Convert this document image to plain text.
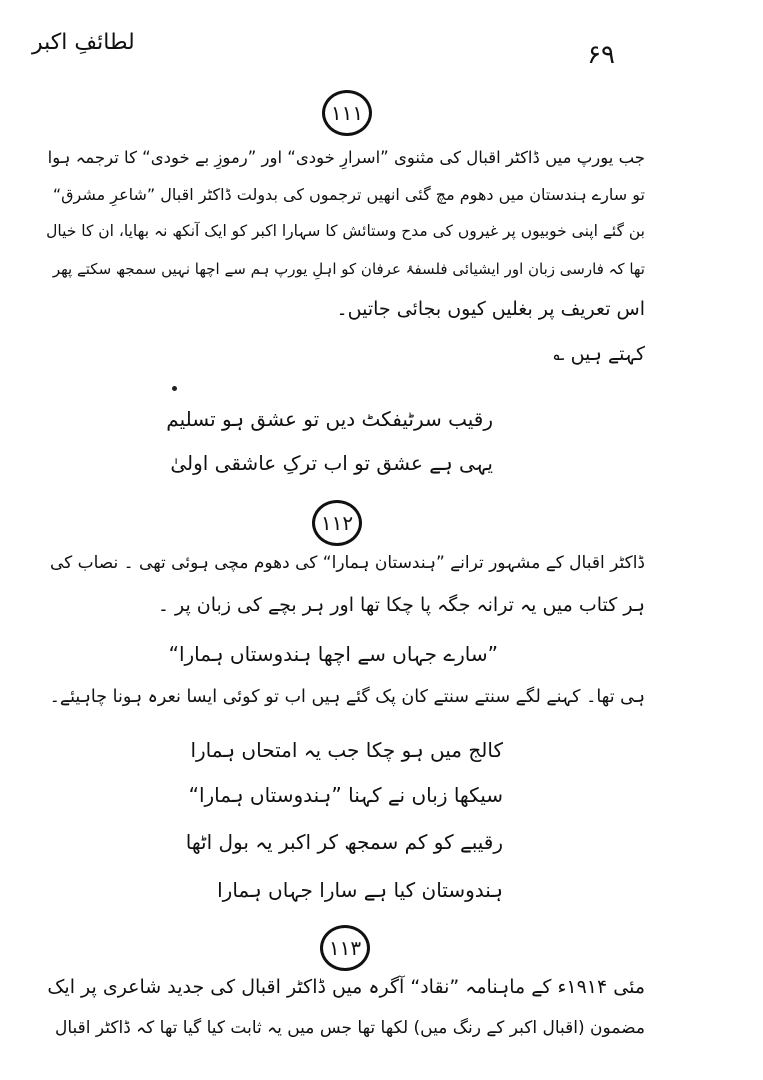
لطائفِ اکبر	۶۹
۱۱۱
جب یورپ میں ڈاکٹر اقبال کی مثنوی ”اسرارِ خودی“ اور ”رموزِ بے خودی“ کا ترجمہ ہوا
تو سارے ہندستان میں دھوم مچ گئی انھیں ترجموں کی بدولت ڈاکٹر اقبال ”شاعرِ مشرق“
بن گئے اپنی خوبیوں پر غیروں کی مدح وستائش کا سہارا اکبر کو ایک آنکھ نہ بھایا، ان کا خیال
تھا کہ فارسی زبان اور ایشیائی فلسفۂ عرفان کو اہلِ یورپ ہم سے اچھا نہیں سمجھ سکتے پھر
اس تعریف پر بغلیں کیوں بجائی جاتیں۔
کہتے ہیں ؎
رقیب سرٹیفکٹ دیں تو عشق ہو تسلیم
یہی ہے عشق تو اب ترکِ عاشقی اولیٰ
۱۱۲
ڈاکٹر اقبال کے مشہور ترانے ”ہندستان ہمارا“ کی دھوم مچی ہوئی تھی ۔ نصاب کی
ہر کتاب میں یہ ترانہ جگہ پا چکا تھا اور ہر بچے کی زبان پر ۔
”سارے جہاں سے اچھا ہندوستاں ہمارا“
ہی تھا۔ کہنے لگے سنتے سنتے کان پک گئے ہیں اب تو کوئی ایسا نعرہ ہونا چاہیئے۔
کالج میں ہو چکا جب یہ امتحاں ہمارا
سیکھا زباں نے کہنا ”ہندوستاں ہمارا“
رقیبے کو کم سمجھ کر اکبر یہ بول اٹھا
ہندوستان کیا ہے سارا جہاں ہمارا
۱۱۳
مئی ۱۹۱۴ء کے ماہنامہ ”نقاد“ آگرہ میں ڈاکٹر اقبال کی جدید شاعری پر ایک
مضمون (اقبال اکبر کے رنگ میں) لکھا تھا جس میں یہ ثابت کیا گیا تھا کہ ڈاکٹر اقبال
